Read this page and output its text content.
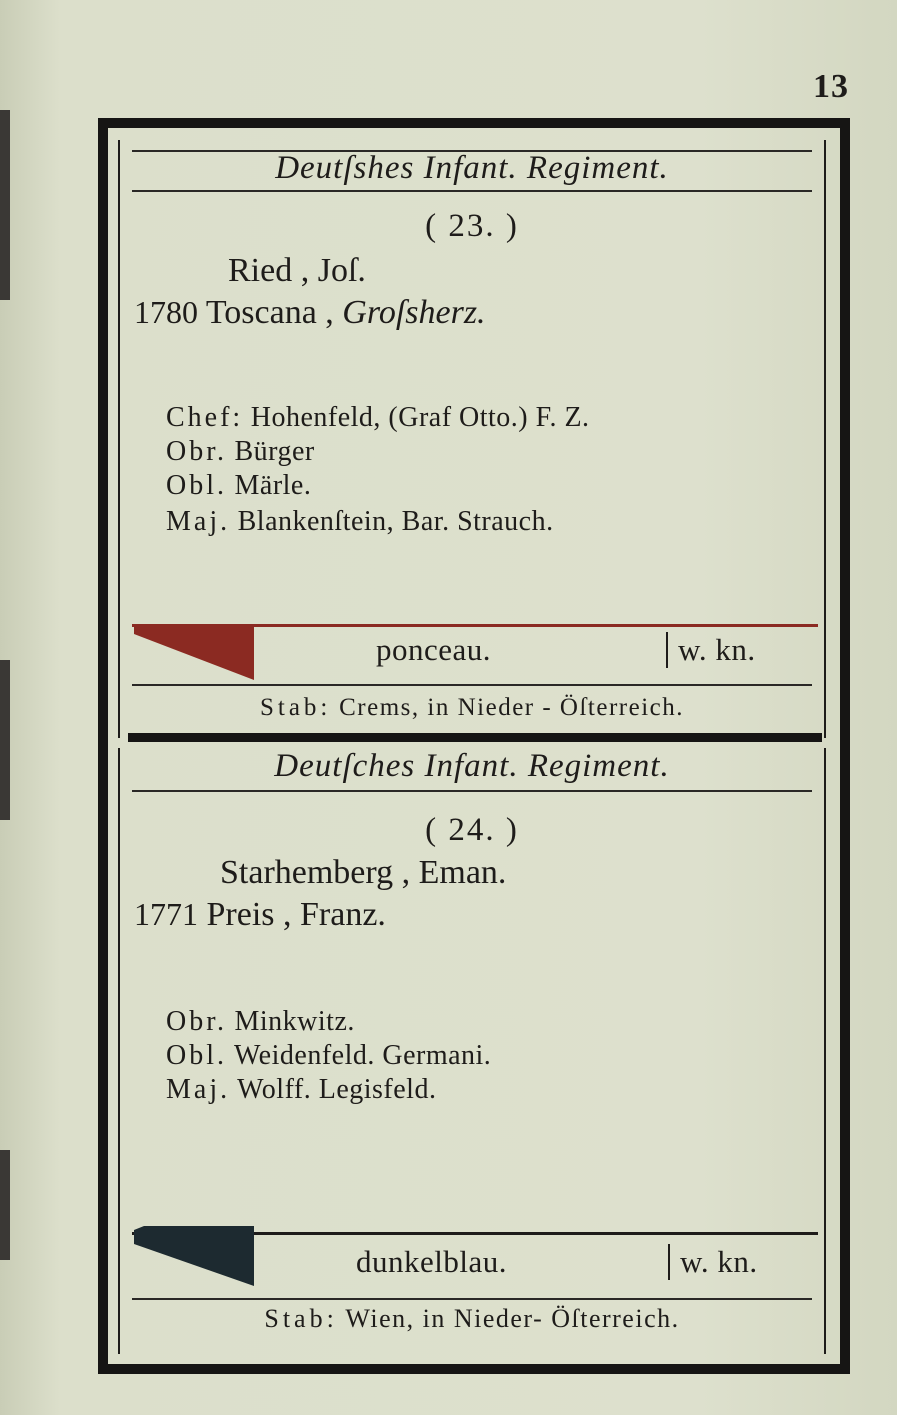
13
Deutſshes Infant. Regiment.
( 23. )
Ried , Joſ.
1780 Toscana , Groſsherz.
Chef: Hohenfeld, (Graf Otto.) F. Z.
Obr. Bürger
Obl. Märle.
Maj. Blankenſtein, Bar. Strauch.
ponceau.	w. kn.
Stab: Crems, in Nieder - Öſterreich.
Deutſches Infant. Regiment.
( 24. )
Starhemberg , Eman.
1771 Preis , Franz.
Obr. Minkwitz.
Obl. Weidenfeld. Germani.
Maj. Wolff. Legisfeld.
dunkelblau.	w. kn.
Stab: Wien, in Nieder- Öſterreich.
